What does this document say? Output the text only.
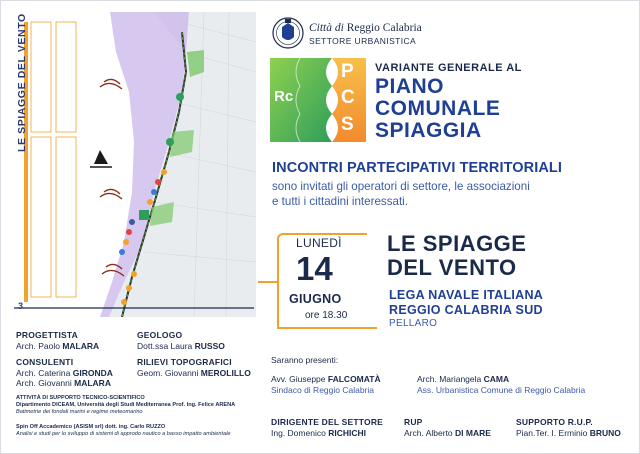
LE SPIAGGE DEL VENTO
3
Città di Reggio Calabria
SETTORE URBANISTICA
Rc
P
C
S
VARIANTE GENERALE AL
PIANO
COMUNALE
SPIAGGIA
INCONTRI PARTECIPATIVI TERRITORIALI
sono invitati gli operatori di settore, le associazioni
e tutti i cittadini interessati.
LUNEDÌ
14
GIUGNO
ore 18.30
LE SPIAGGE
DEL VENTO
LEGA NAVALE ITALIANA
REGGIO CALABRIA SUD
PELLARO
PROGETTISTA
Arch. Paolo MALARA
CONSULENTI
Arch. Caterina GIRONDA
Arch. Giovanni MALARA
GEOLOGO
Dott.ssa Laura RUSSO
RILIEVI TOPOGRAFICI
Geom. Giovanni MEROLILLO
ATTIVITÀ DI SUPPORTO TECNICO-SCIENTIFICO
Dipartimento DICEAM, Università degli Studi Mediterranea Prof. Ing. Felice ARENA
Batimetrie dei fondali marini e regime meteomarino
Spin Off Accademico (ASISM srl) dott. ing. Carlo RUZZO
Analisi e studi per lo sviluppo di sistemi di approdo nautico a basso impatto ambientale
Saranno presenti:
Avv. Giuseppe FALCOMATÀ
Sindaco di Reggio Calabria
Arch. Mariangela CAMA
Ass. Urbanistica Comune di Reggio Calabria
DIRIGENTE DEL SETTORE
Ing. Domenico RICHICHI
RUP
Arch. Alberto DI MARE
SUPPORTO R.U.P.
Pian.Ter. I. Erminio BRUNO
